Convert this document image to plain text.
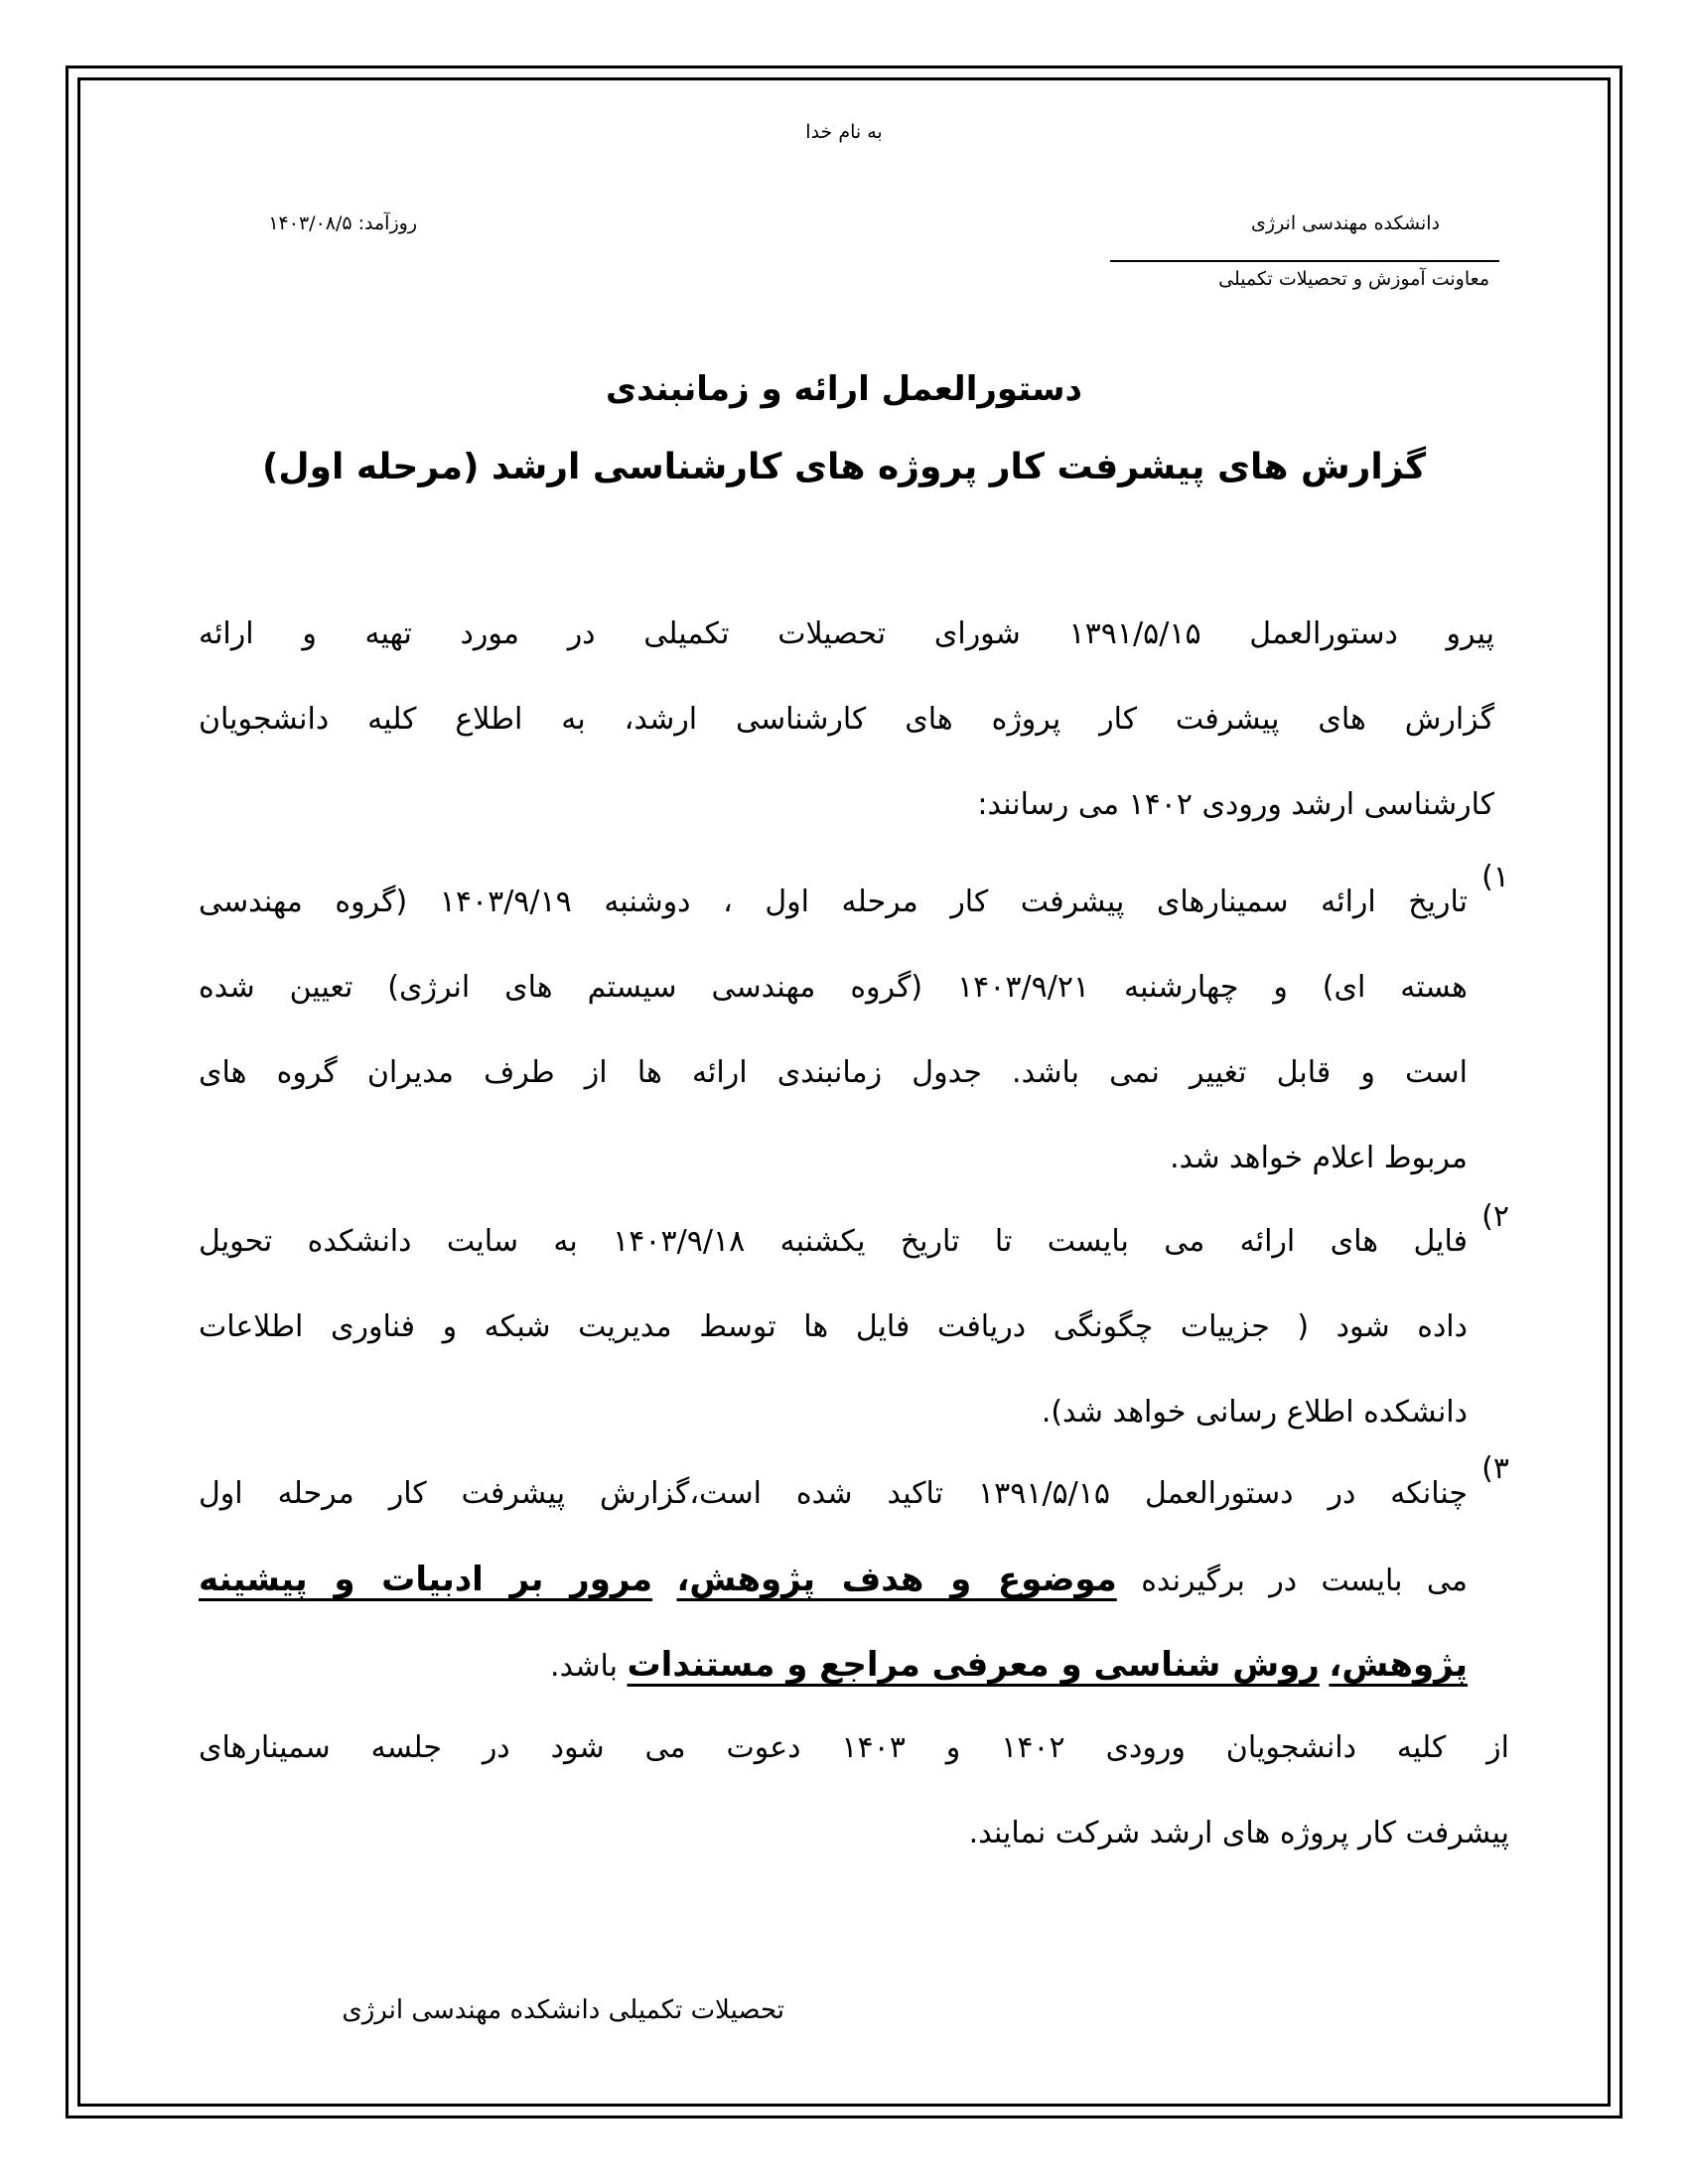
به نام خدا
دانشکده مهندسی انرژی
معاونت آموزش و تحصیلات تکمیلی
روزآمد: ۱۴۰۳/۰۸/۵
دستورالعمل ارائه و زمانبندی
گزارش های پیشرفت کار پروژه های کارشناسی ارشد (مرحله اول)
پیرو دستورالعمل ۱۳۹۱/۵/۱۵ شورای تحصیلات تکمیلی در مورد تهیه و ارائه
گزارش های پیشرفت کار پروژه های کارشناسی ارشد، به اطلاع کلیه دانشجویان
کارشناسی ارشد ورودی ۱۴۰۲ می رسانند:
۱)
تاریخ ارائه سمینارهای پیشرفت کار مرحله اول ، دوشنبه ۱۴۰۳/۹/۱۹ (گروه مهندسی
هسته ای) و چهارشنبه ۱۴۰۳/۹/۲۱ (گروه مهندسی سیستم های انرژی) تعیین شده
است و قابل تغییر نمی باشد. جدول زمانبندی ارائه ها از طرف مدیران گروه های
مربوط اعلام خواهد شد.
۲)
فایل های ارائه می بایست تا تاریخ یکشنبه ۱۴۰۳/۹/۱۸ به سایت دانشکده تحویل
داده شود ( جزییات چگونگی دریافت فایل ها توسط مدیریت شبکه و فناوری اطلاعات
دانشکده اطلاع رسانی خواهد شد).
۳)
چنانکه در دستورالعمل ۱۳۹۱/۵/۱۵ تاکید شده است،گزارش پیشرفت کار مرحله اول
می بایست در برگیرنده موضوع و هدف پژوهش، مرور بر ادبیات و پیشینه
پژوهش، روش شناسی و معرفی مراجع و مستندات باشد.
از کلیه دانشجویان ورودی ۱۴۰۲ و ۱۴۰۳ دعوت می شود در جلسه سمینارهای
پیشرفت کار پروژه های ارشد شرکت نمایند.
تحصیلات تکمیلی دانشکده مهندسی انرژی
